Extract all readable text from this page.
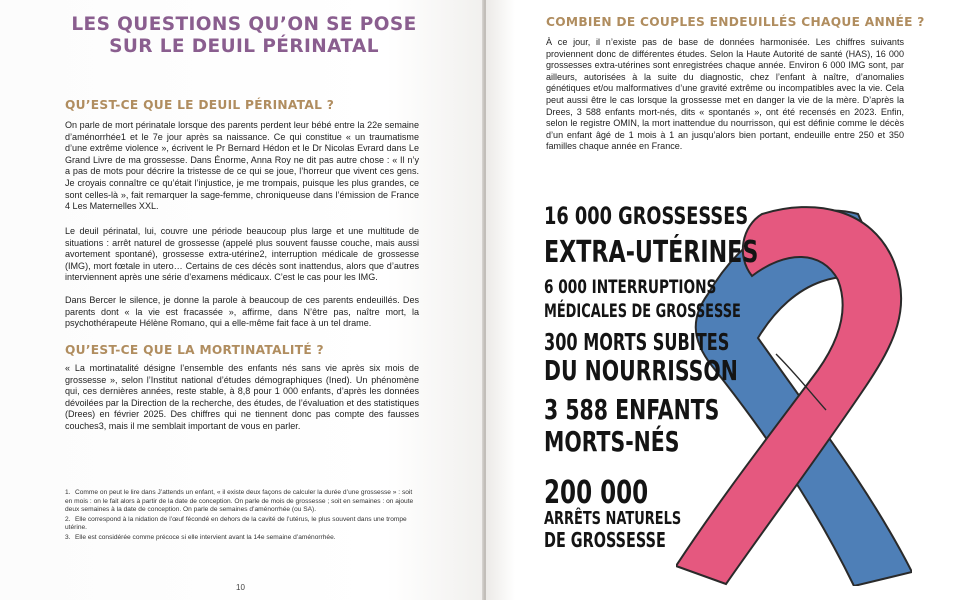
LES QUESTIONS QU’ON SE POSE
SUR LE DEUIL PÉRINATAL
QU’EST-CE QUE LE DEUIL PÉRINATAL ?

On parle de mort périnatale lorsque des parents perdent leur bébé entre la 22e semaine d’aménorrhée1 et le 7e jour après sa naissance. Ce qui constitue « un traumatisme d’une extrême violence », écrivent le Pr Bernard Hédon et le Dr Nicolas Evrard dans Le Grand Livre de ma grossesse. Dans Énorme, Anna Roy ne dit pas autre chose : « Il n’y a pas de mots pour décrire la tristesse de ce qui se joue, l’horreur que vivent ces gens. Je croyais connaître ce qu’était l’injustice, je me trompais, puisque les plus grandes, ce sont celles-là », fait remarquer la sage-femme, chroniqueuse dans l’émission de France 4 Les Maternelles XXL.

Le deuil périnatal, lui, couvre une période beaucoup plus large et une multitude de situations : arrêt naturel de grossesse (appelé plus souvent fausse couche, mais aussi avortement spontané), grossesse extra-utérine2, interruption médicale de grossesse (IMG), mort fœtale in utero… Certains de ces décès sont inattendus, alors que d’autres interviennent après une série d’examens médicaux. C’est le cas pour les IMG.

Dans Bercer le silence, je donne la parole à beaucoup de ces parents endeuillés. Des parents dont « la vie est fracassée », affirme, dans N’être pas, naître mort, la psychothérapeute Hélène Romano, qui a elle-même fait face à un tel drame.

QU’EST-CE QUE LA MORTINATALITÉ ?

« La mortinatalité désigne l’ensemble des enfants nés sans vie après six mois de grossesse », selon l’Institut national d’études démographiques (Ined). Un phénomène qui, ces dernières années, reste stable, à 8,8 pour 1 000 enfants, d’après les données dévoilées par la Direction de la recherche, des études, de l’évaluation et des statistiques (Drees) en février 2025. Des chiffres qui ne tiennent donc pas compte des fausses couches3, mais il me semblait important de vous en parler.

1. Comme on peut le lire dans J’attends un enfant, « il existe deux façons de calculer la durée d’une grossesse » : soit en mois : on le fait alors à partir de la date de conception. On parle de mois de grossesse ; soit en semaines : on ajoute deux semaines à la date de conception. On parle de semaines d’aménorrhée (ou SA).
2. Elle correspond à la nidation de l’œuf fécondé en dehors de la cavité de l’utérus, le plus souvent dans une trompe utérine.
3. Elle est considérée comme précoce si elle intervient avant la 14e semaine d’aménorrhée.
10
COMBIEN DE COUPLES ENDEUILLÉS CHAQUE ANNÉE ?

À ce jour, il n’existe pas de base de données harmonisée. Les chiffres suivants proviennent donc de différentes études. Selon la Haute Autorité de santé (HAS), 16 000 grossesses extra-utérines sont enregistrées chaque année. Environ 6 000 IMG sont, par ailleurs, autorisées à la suite du diagnostic, chez l’enfant à naître, d’anomalies génétiques et/ou malformatives d’une gravité extrême ou incompatibles avec la vie. Cela peut aussi être le cas lorsque la grossesse met en danger la vie de la mère. D’après la Drees, 3 588 enfants mort-nés, dits « spontanés », ont été recensés en 2023. Enfin, selon le registre OMIN, la mort inattendue du nourrisson, qui est définie comme le décès d’un enfant âgé de 1 mois à 1 an jusqu’alors bien portant, endeuille entre 250 et 350 familles chaque année en France.

16 000 GROSSESSES
EXTRA-UTÉRINES
6 000 INTERRUPTIONS
MÉDICALES DE GROSSESSE
300 MORTS SUBITES
DU NOURRISSON
3 588 ENFANTS
MORTS-NÉS
200 000
ARRÊTS NATURELS
DE GROSSESSE
